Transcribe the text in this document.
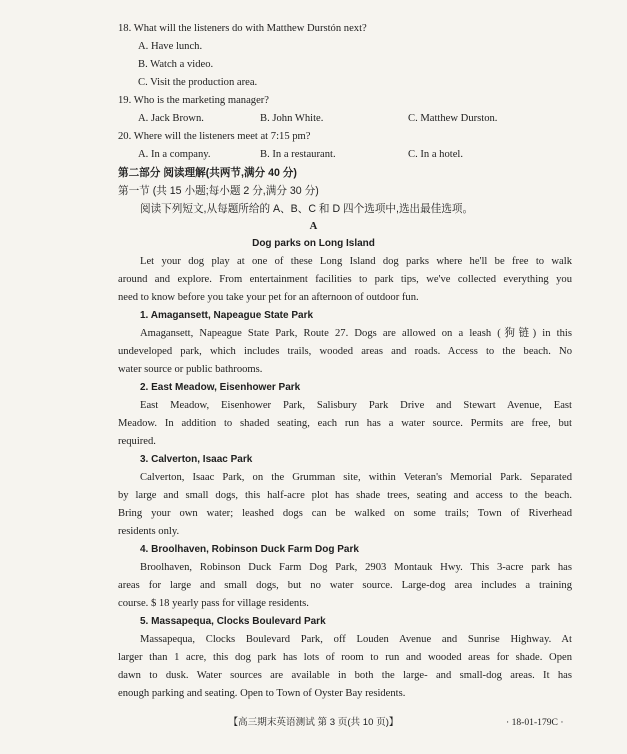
18. What will the listeners do with Matthew Durstón next?

A. Have lunch.

B. Watch a video.

C. Visit the production area.

19. Who is the marketing manager?

A. Jack Brown.	B. John White.	C. Matthew Durston.

20. Where will the listeners meet at 7:15 pm?

A. In a company.	B. In a restaurant.	C. In a hotel.

第二部分 阅读理解(共两节,满分 40 分)

第一节 (共 15 小题;每小题 2 分,满分 30 分)

阅读下列短文,从每题所给的 A、B、C 和 D 四个选项中,选出最佳选项。

A

Dog parks on Long Island

Let your dog play at one of these Long Island dog parks where he'll be free to walk

around and explore. From entertainment facilities to park tips, we've collected everything you

need to know before you take your pet for an afternoon of outdoor fun.

1. Amagansett, Napeague State Park

Amagansett, Napeague State Park, Route 27. Dogs are allowed on a leash (狗链) in this

undeveloped park, which includes trails, wooded areas and roads. Access to the beach. No

water source or public bathrooms.

2. East Meadow, Eisenhower Park

East Meadow, Eisenhower Park, Salisbury Park Drive and Stewart Avenue, East

Meadow. In addition to shaded seating, each run has a water source. Permits are free, but

required.

3. Calverton, Isaac Park

Calverton, Isaac Park, on the Grumman site, within Veteran's Memorial Park. Separated

by large and small dogs, this half-acre plot has shade trees, seating and access to the beach.

Bring your own water; leashed dogs can be walked on some trails; Town of Riverhead

residents only.

4. Broolhaven, Robinson Duck Farm Dog Park

Broolhaven, Robinson Duck Farm Dog Park, 2903 Montauk Hwy. This 3-acre park has

areas for large and small dogs, but no water source. Large-dog area includes a training

course. $ 18 yearly pass for village residents.

5. Massapequa, Clocks Boulevard Park

Massapequa, Clocks Boulevard Park, off Louden Avenue and Sunrise Highway. At

larger than 1 acre, this dog park has lots of room to run and wooded areas for shade. Open

dawn to dusk. Water sources are available in both the large- and small-dog areas. It has

enough parking and seating. Open to Town of Oyster Bay residents.

【高三期末英语测试 第 3 页(共 10 页)】	· 18-01-179C ·
